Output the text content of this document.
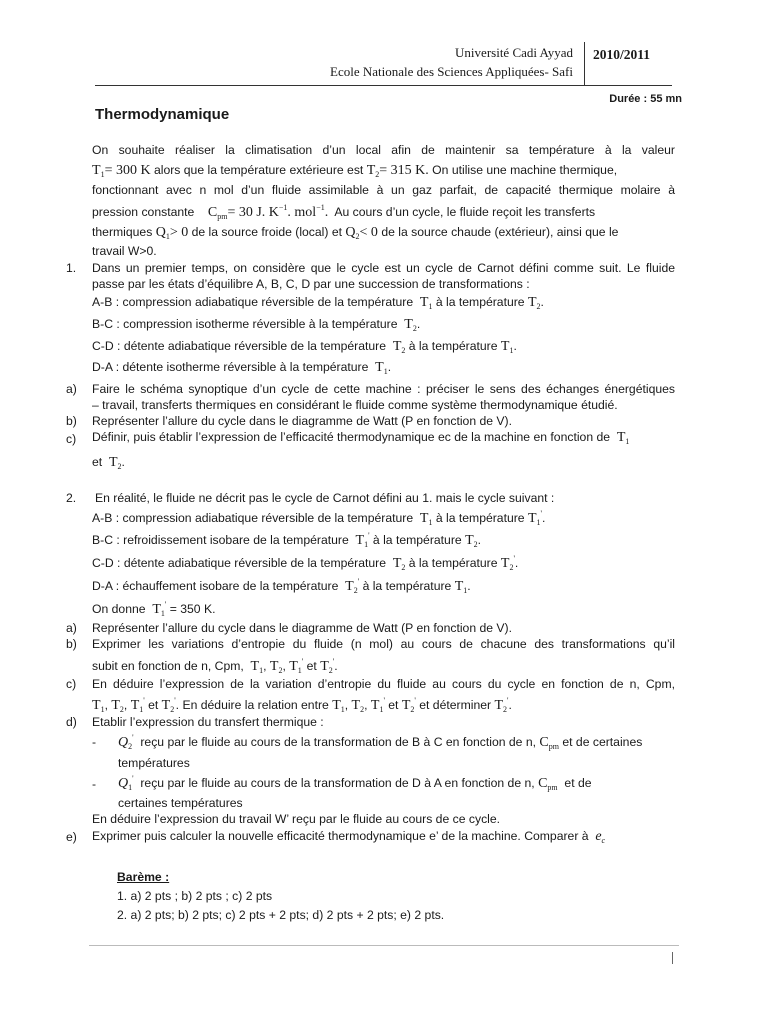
Université Cadi Ayyad
Ecole Nationale des Sciences Appliquées- Safi
2010/2011
Durée : 55 mn
Thermodynamique
On souhaite réaliser la climatisation d’un local afin de maintenir sa température à la valeur
$T_1= 300$ K alors que la température extérieure est $T_2= 315$ K. On utilise une machine thermique,
fonctionnant avec n mol d’un fluide assimilable à un gaz parfait, de capacité thermique molaire à
pression constante $C_{pm}= 30$ J. $K^{-1}$. mol$^{-1}$. Au cours d’un cycle, le fluide reçoit les transferts
thermiques $Q_1> 0$ de la source froide (local) et $Q_2< 0$ de la source chaude (extérieur), ainsi que le
travail W>0.
1. Dans un premier temps, on considère que le cycle est un cycle de Carnot défini comme suit. Le fluide
passe par les états d’équilibre A, B, C, D par une succession de transformations :
A-B : compression adiabatique réversible de la température $T_1$ à la température $T_2$.
B-C : compression isotherme réversible à la température $T_2$.
C-D : détente adiabatique réversible de la température $T_2$ à la température $T_1$.
D-A : détente isotherme réversible à la température $T_1$.
a) Faire le schéma synoptique d’un cycle de cette machine : préciser le sens des échanges énergétiques
– travail, transferts thermiques en considérant le fluide comme système thermodynamique étudié.
b) Représenter l’allure du cycle dans le diagramme de Watt (P en fonction de V).
c) Définir, puis établir l’expression de l’efficacité thermodynamique ec de la machine en fonction de $T_1$
et $T_2$.
2. En réalité, le fluide ne décrit pas le cycle de Carnot défini au 1. mais le cycle suivant :
A-B : compression adiabatique réversible de la température $T_1$ à la température $T_1'$.
B-C : refroidissement isobare de la température $T_1'$ à la température $T_2$.
C-D : détente adiabatique réversible de la température $T_2$ à la température $T_2'$.
D-A : échauffement isobare de la température $T_2'$ à la température $T_1$.
On donne $T_1' = 350$ K.
a) Représenter l’allure du cycle dans le diagramme de Watt (P en fonction de V).
b) Exprimer les variations d’entropie du fluide (n mol) au cours de chacune des transformations qu’il
subit en fonction de n, Cpm, $T_1$, $T_2$, $T_1'$ et $T_2'$.
c) En déduire l’expression de la variation d’entropie du fluide au cours du cycle en fonction de n, Cpm,
$T_1$, $T_2$, $T_1'$ et $T_2'$. En déduire la relation entre $T_1$, $T_2$, $T_1'$ et $T_2'$ et déterminer $T_2'$.
d) Etablir l’expression du transfert thermique :
- $Q_2'$ reçu par le fluide au cours de la transformation de B à C en fonction de n, $C_{pm}$ et de certaines
températures
- $Q_1'$ reçu par le fluide au cours de la transformation de D à A en fonction de n, $C_{pm}$ et de
certaines températures
En déduire l’expression du travail W’ reçu par le fluide au cours de ce cycle.
e) Exprimer puis calculer la nouvelle efficacité thermodynamique e’ de la machine. Comparer à $e_c$
Barème :
1. a) 2 pts ; b) 2 pts ; c) 2 pts
2. a) 2 pts; b) 2 pts; c) 2 pts + 2 pts; d) 2 pts + 2 pts; e) 2 pts.
